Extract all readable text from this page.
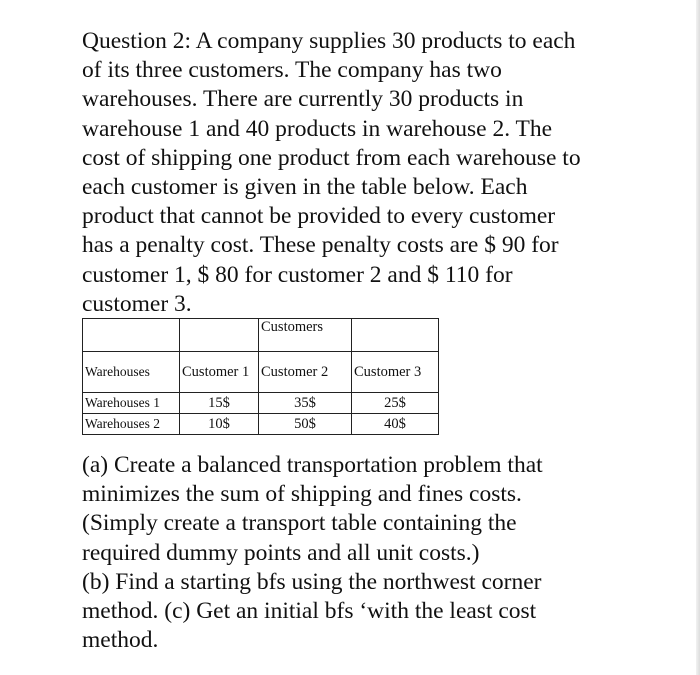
Question 2: A company supplies 30 products to each
of its three customers. The company has two
warehouses. There are currently 30 products in
warehouse 1 and 40 products in warehouse 2. The
cost of shipping one product from each warehouse to
each customer is given in the table below. Each
product that cannot be provided to every customer
has a penalty cost. These penalty costs are $ 90 for
customer 1, $ 80 for customer 2 and $ 110 for
customer 3.
		Customers	
Warehouses	Customer 1	Customer 2	Customer 3
Warehouses 1	15$	35$	25$
Warehouses 2	10$	50$	40$
(a) Create a balanced transportation problem that
minimizes the sum of shipping and fines costs.
(Simply create a transport table containing the
required dummy points and all unit costs.)
(b) Find a starting bfs using the northwest corner
method. (c) Get an initial bfs ‘with the least cost
method.
